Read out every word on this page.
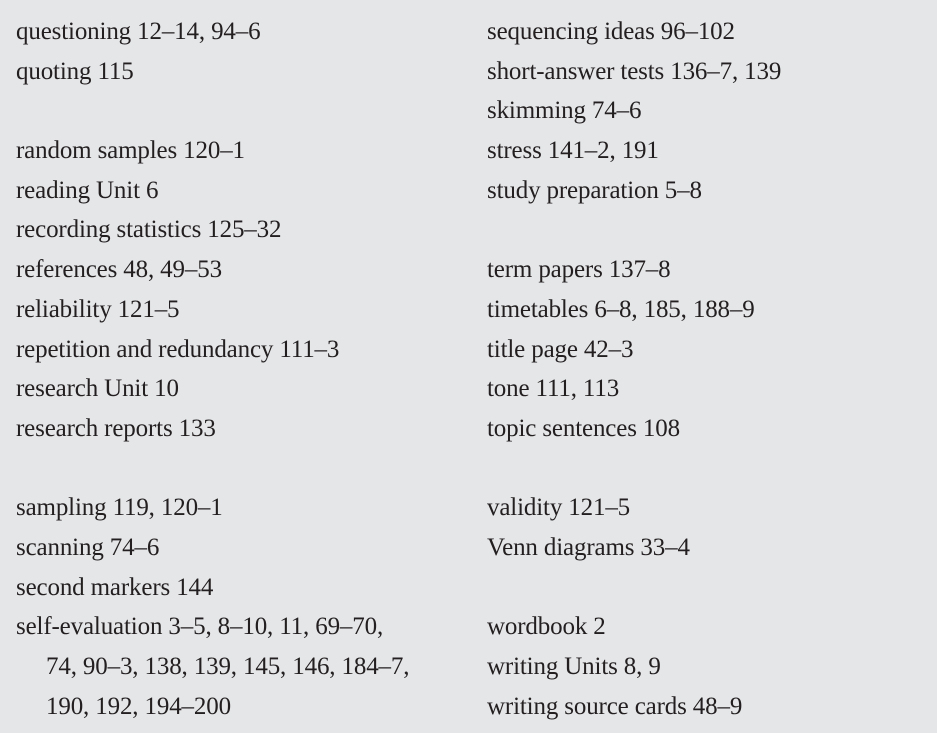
questioning 12–14, 94–6
quoting 115
random samples 120–1
reading Unit 6
recording statistics 125–32
references 48, 49–53
reliability 121–5
repetition and redundancy 111–3
research Unit 10
research reports 133
sampling 119, 120–1
scanning 74–6
second markers 144
self-evaluation 3–5, 8–10, 11, 69–70,
74, 90–3, 138, 139, 145, 146, 184–7,
190, 192, 194–200
sequencing ideas 96–102
short-answer tests 136–7, 139
skimming 74–6
stress 141–2, 191
study preparation 5–8
term papers 137–8
timetables 6–8, 185, 188–9
title page 42–3
tone 111, 113
topic sentences 108
validity 121–5
Venn diagrams 33–4
wordbook 2
writing Units 8, 9
writing source cards 48–9
